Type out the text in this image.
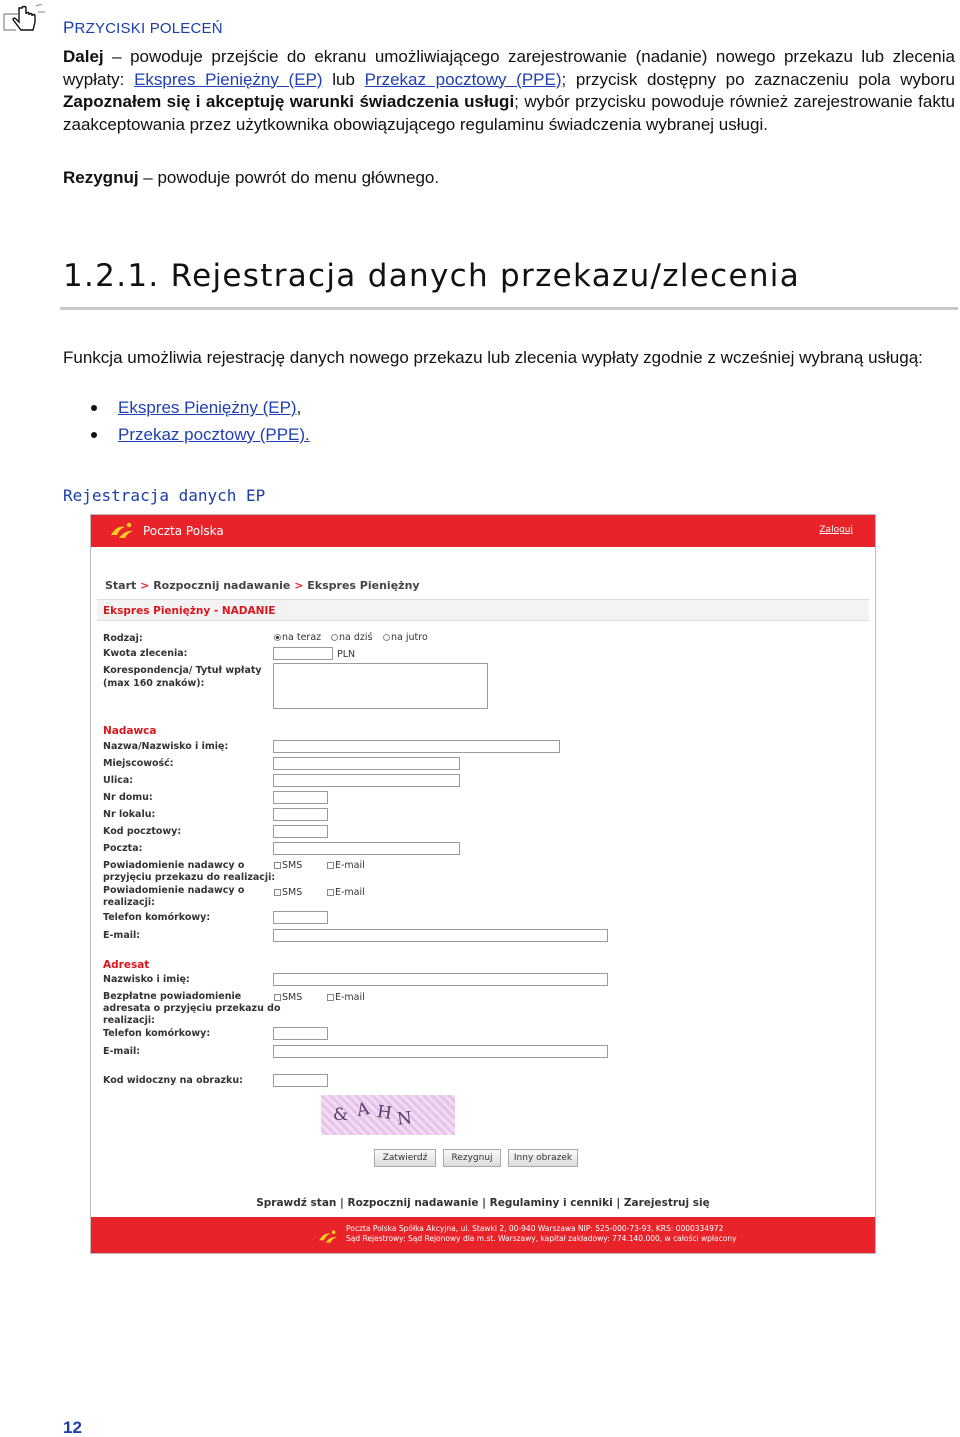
PRZYCISKI POLECEŃ

Dalej – powoduje przejście do ekranu umożliwiającego zarejestrowanie (nadanie) nowego przekazu lub zlecenia wypłaty: Ekspres Pieniężny (EP) lub Przekaz pocztowy (PPE); przycisk dostępny po zaznaczeniu pola wyboru Zapoznałem się i akceptuję warunki świadczenia usługi; wybór przycisku powoduje również zarejestrowanie faktu zaakceptowania przez użytkownika obowiązującego regulaminu świadczenia wybranej usługi.

Rezygnuj – powoduje powrót do menu głównego.

1.2.1. Rejestracja danych przekazu/zlecenia

Funkcja umożliwia rejestrację danych nowego przekazu lub zlecenia wypłaty zgodnie z wcześniej wybraną usługą:

Ekspres Pieniężny (EP),
Przekaz pocztowy (PPE).
Rejestracja danych EP
Poczta Polska	Zaloguj
Start > Rozpocznij nadawanie > Ekspres Pieniężny
Ekspres Pieniężny - NADANIE
Rodzaj:	na teraz	na dziś	na jutro
Kwota zlecenia:	PLN
Korespondencja/ Tytuł wpłaty
(max 160 znaków):
Nadawca
Nazwa/Nazwisko i imię:
Miejscowość:
Ulica:
Nr domu:
Nr lokalu:
Kod pocztowy:
Poczta:
Powiadomienie nadawcy o
przyjęciu przekazu do realizacji:
SMS	E-mail
Powiadomienie nadawcy o
realizacji:
SMS	E-mail
Telefon komórkowy:
E-mail:
Adresat
Nazwisko i imię:
Bezpłatne powiadomienie
adresata o przyjęciu przekazu do
realizacji:
SMS	E-mail
Telefon komórkowy:
E-mail:
Kod widoczny na obrazku:
& A H N
Zatwierdź	Rezygnuj	Inny obrazek
Sprawdź stan | Rozpocznij nadawanie | Regulaminy i cenniki | Zarejestruj się
Poczta Polska Spółka Akcyjna, ul. Stawki 2, 00-940 Warszawa NIP: 525-000-73-93, KRS: 0000334972
Sąd Rejestrowy: Sąd Rejonowy dla m.st. Warszawy, kapitał zakładowy: 774.140.000, w całości wpłacony
12
